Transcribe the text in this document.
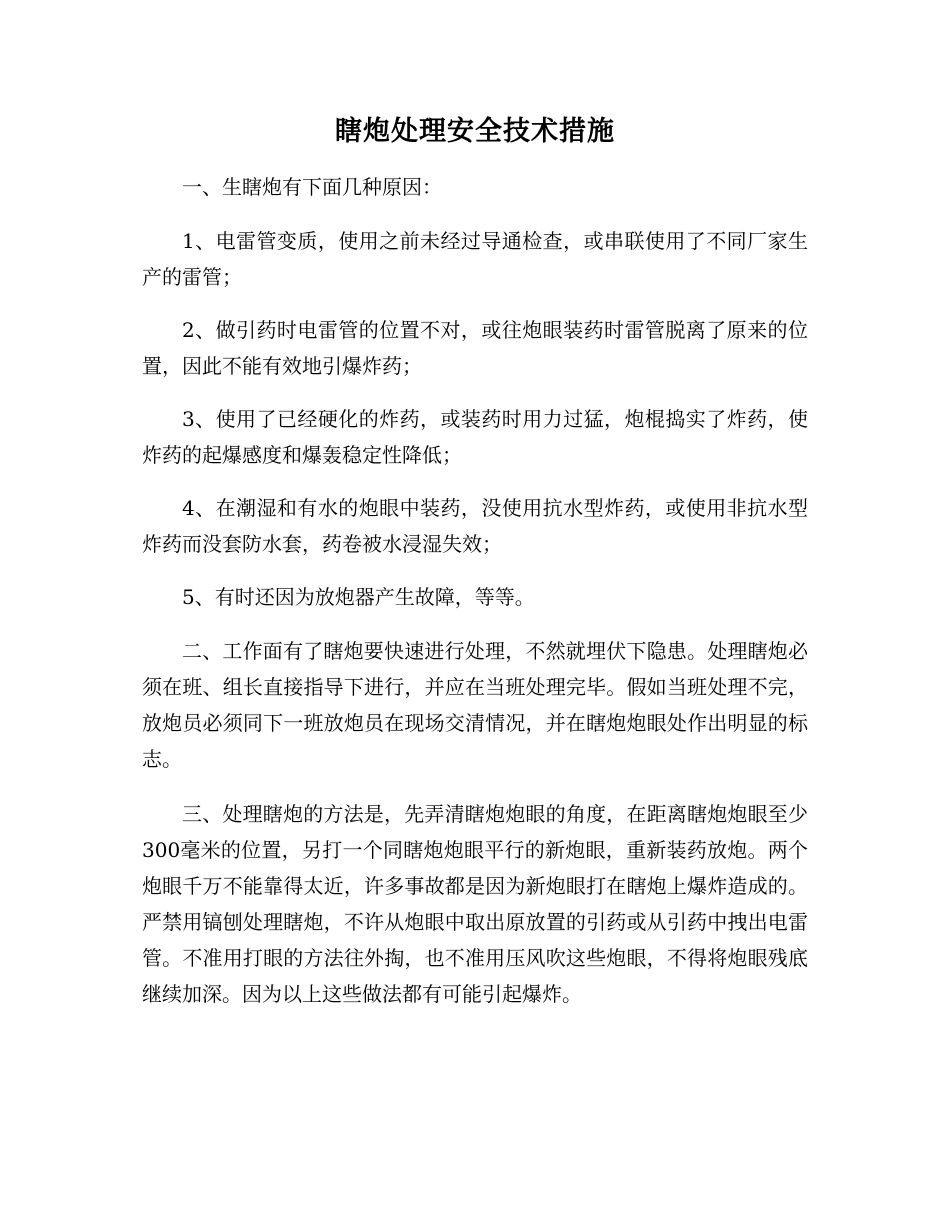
瞎炮处理安全技术措施

一、生瞎炮有下面几种原因：

1、电雷管变质，使用之前未经过导通检查，或串联使用了不同厂家生产的雷管；

2、做引药时电雷管的位置不对，或往炮眼装药时雷管脱离了原来的位置，因此不能有效地引爆炸药；

3、使用了已经硬化的炸药，或装药时用力过猛，炮棍捣实了炸药，使炸药的起爆感度和爆轰稳定性降低；

4、在潮湿和有水的炮眼中装药，没使用抗水型炸药，或使用非抗水型炸药而没套防水套，药卷被水浸湿失效；

5、有时还因为放炮器产生故障，等等。

二、工作面有了瞎炮要快速进行处理，不然就埋伏下隐患。处理瞎炮必须在班、组长直接指导下进行，并应在当班处理完毕。假如当班处理不完，放炮员必须同下一班放炮员在现场交清情况，并在瞎炮炮眼处作出明显的标志。

三、处理瞎炮的方法是，先弄清瞎炮炮眼的角度，在距离瞎炮炮眼至少300毫米的位置，另打一个同瞎炮炮眼平行的新炮眼，重新装药放炮。两个炮眼千万不能靠得太近，许多事故都是因为新炮眼打在瞎炮上爆炸造成的。严禁用镐刨处理瞎炮，不许从炮眼中取出原放置的引药或从引药中拽出电雷管。不准用打眼的方法往外掏，也不准用压风吹这些炮眼，不得将炮眼残底继续加深。因为以上这些做法都有可能引起爆炸。
